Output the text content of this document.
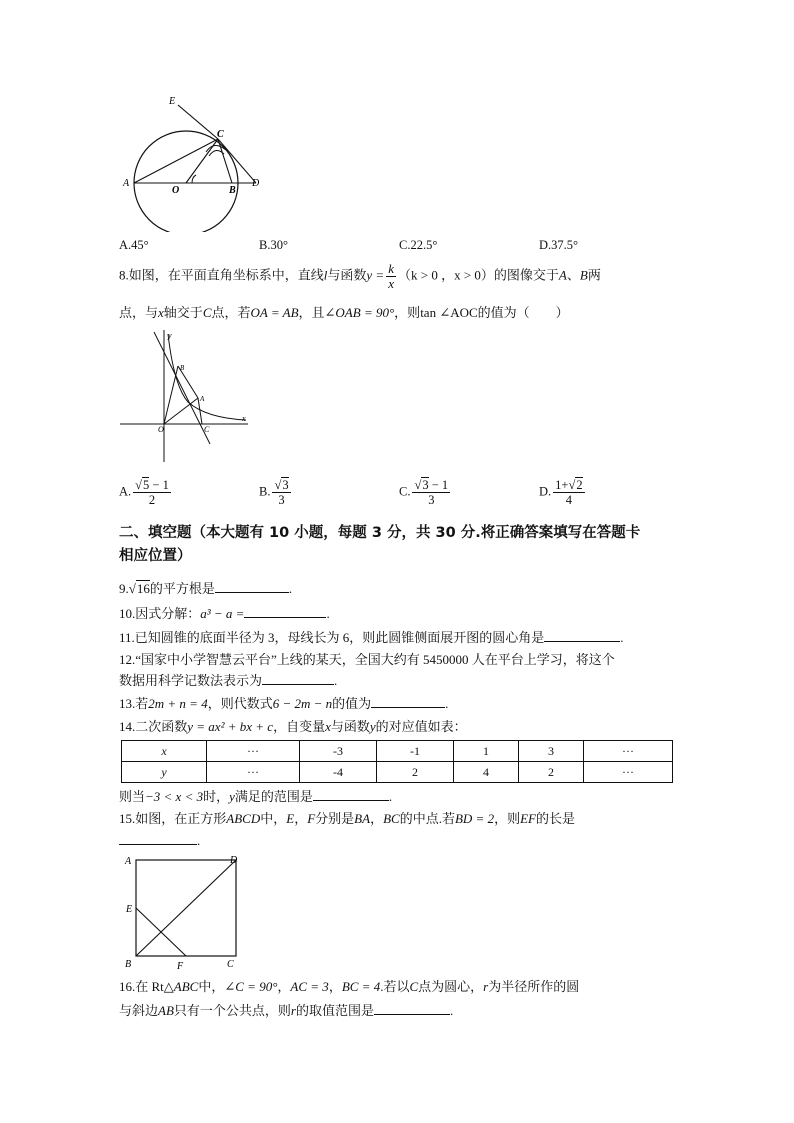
E
C
A
O	B
D
A.45°	B.30°	C.22.5°	D.37.5°
8.如图，在平面直角坐标系中，直线l与函数$y = \frac{k}{x} (k > 0$ ，x > 0）的图像交于A、B两
点，与x轴交于C点，若OA = AB，且∠OAB = 90°，则tan ∠AOC的值为（　　）
y
B
A
x
O	C
A. $\frac{√5 - 1}{2}$	B. $\frac{√3}{3}$	C. $\frac{√3 - 1}{3}$	D. $\frac{1+√2}{4}$
二、填空题（本大题有 10 小题，每题 3 分，共 30 分.将正确答案填写在答题卡
相应位置）
9.√16的平方根是	.
10.因式分解：a³ − a =	.
11.已知圆锥的底面半径为 3，母线长为 6，则此圆锥侧面展开图的圆心角是	.
12.“国家中小学智慧云平台”上线的某天，全国大约有 5450000 人在平台上学习，将这个
数据用科学记数法表示为	.
13.若2m + n = 4，则代数式6 − 2m − n的值为	.
14.二次函数y = ax² + bx + c，自变量x与函数y的对应值如表：
x	···	-3	-1	1	3	···
y	···	-4	2	4	2	···
则当−3 < x < 3时，y满足的范围是	.
15.如图，在正方形ABCD中，E，F分别是BA，BC的中点.若BD = 2，则EF的长是
.
A	D
E
B	F	C
16.在 Rt△ABC中，∠C = 90°，AC = 3，BC = 4.若以C点为圆心，r为半径所作的圆
与斜边AB只有一个公共点，则r的取值范围是	.
